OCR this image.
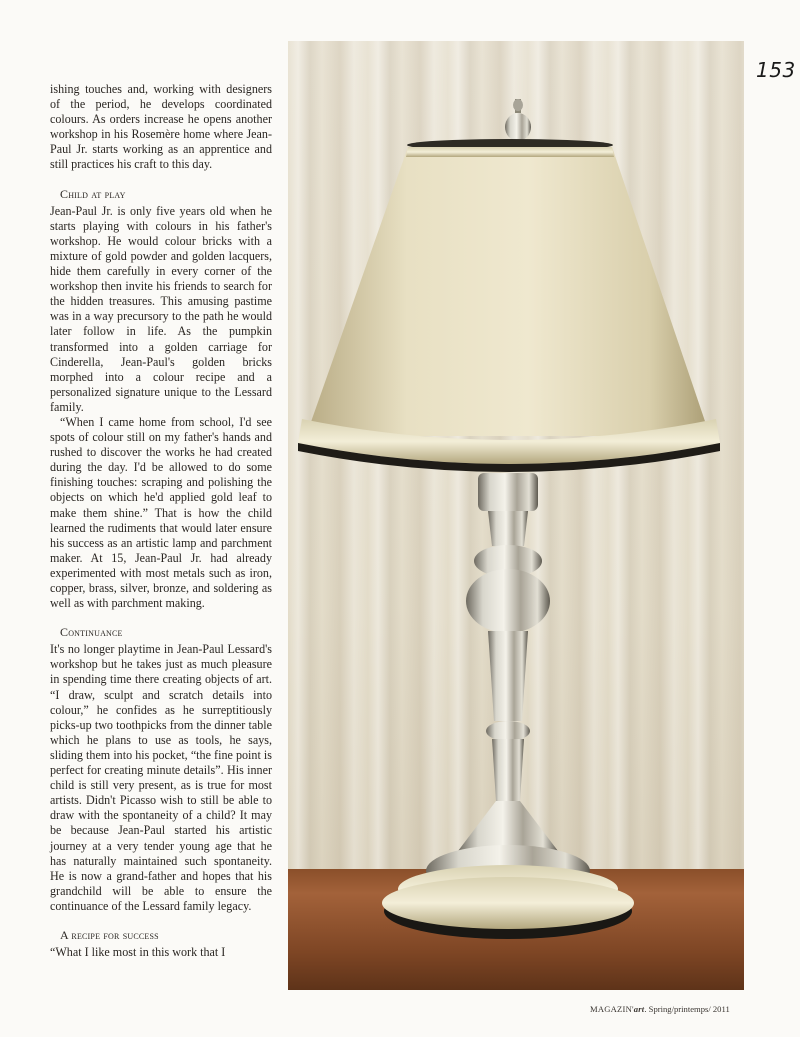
153

ishing touches and, working with designers of the period, he develops coordinated colours. As orders increase he opens another workshop in his Rosemère home where Jean-Paul Jr. starts working as an apprentice and still practices his craft to this day.

Child at play

Jean-Paul Jr. is only five years old when he starts playing with colours in his father's workshop. He would colour bricks with a mixture of gold powder and golden lacquers, hide them carefully in every corner of the workshop then invite his friends to search for the hidden treasures. This amusing pastime was in a way precursory to the path he would later follow in life. As the pumpkin transformed into a golden carriage for Cinderella, Jean-Paul's golden bricks morphed into a colour recipe and a personalized signature unique to the Lessard family.

“When I came home from school, I'd see spots of colour still on my father's hands and rushed to discover the works he had created during the day. I'd be allowed to do some finishing touches: scraping and polishing the objects on which he'd applied gold leaf to make them shine.” That is how the child learned the rudiments that would later ensure his success as an artistic lamp and parchment maker. At 15, Jean-Paul Jr. had already experimented with most metals such as iron, copper, brass, silver, bronze, and soldering as well as with parchment making.

Continuance

It's no longer playtime in Jean-Paul Lessard's workshop but he takes just as much pleasure in spending time there creating objects of art. “I draw, sculpt and scratch details into colour,” he confides as he surreptitiously picks-up two toothpicks from the dinner table which he plans to use as tools, he says, sliding them into his pocket, “the fine point is perfect for creating minute details”. His inner child is still very present, as is true for most artists. Didn't Picasso wish to still be able to draw with the spontaneity of a child? It may be because Jean-Paul started his artistic journey at a very tender young age that he has naturally maintained such spontaneity. He is now a grand-father and hopes that his grandchild will be able to ensure the continuance of the Lessard family legacy.

A recipe for success

“What I like most in this work that I

MAGAZIN'art. Spring/printemps/ 2011
